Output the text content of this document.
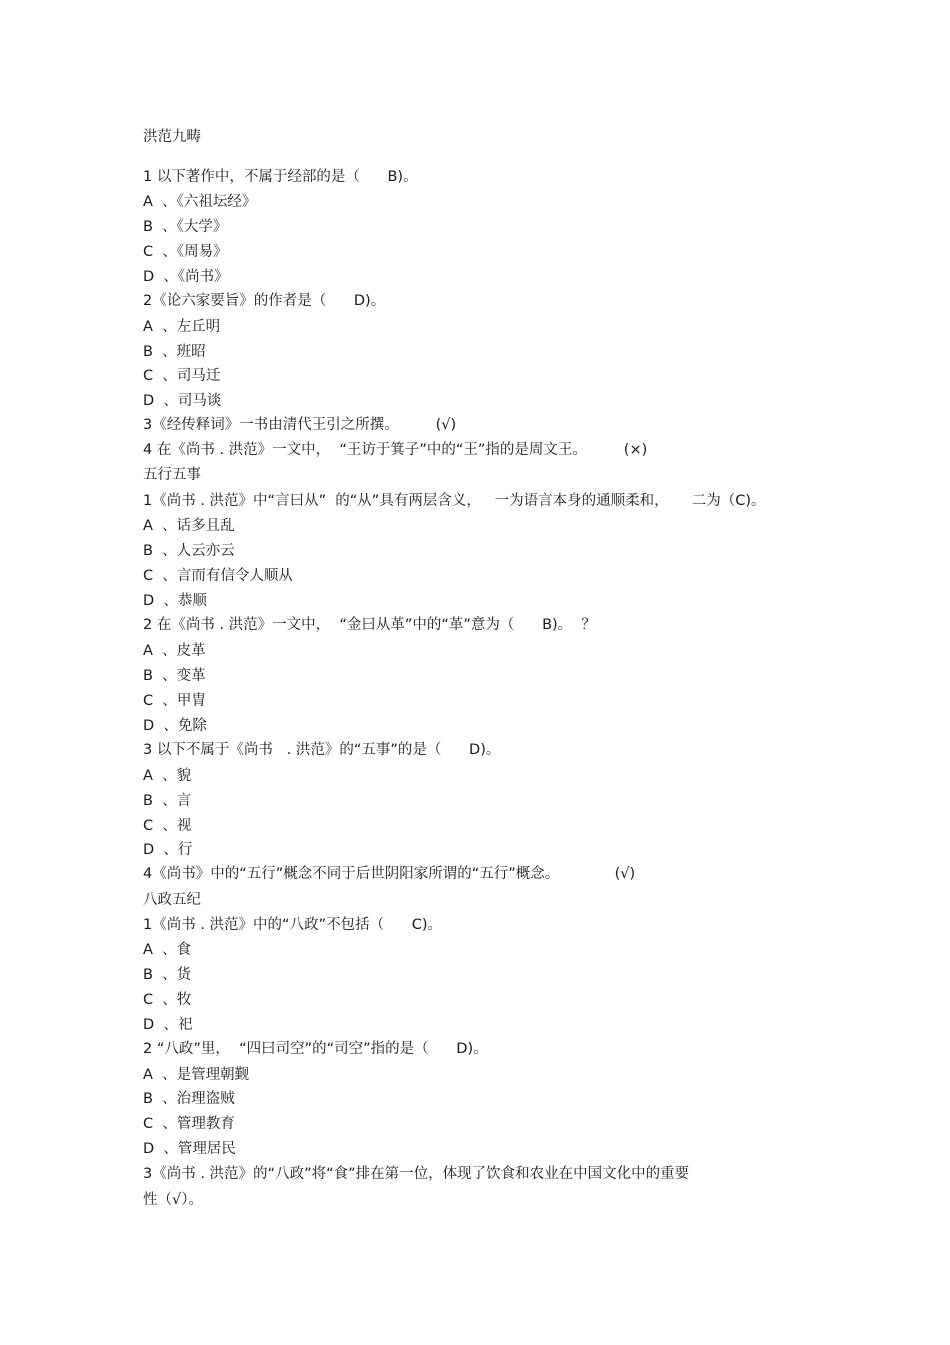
洪范九畴
1 以下著作中，不属于经部的是（      B)。
A  、《六祖坛经》
B  、《大学》
C  、《周易》
D  、《尚书》
2《论六家要旨》的作者是（      D)。
A  、左丘明
B  、班昭
C  、司马迁
D  、司马谈
3《经传释词》一书由清代王引之所撰。        (√)
4 在《尚书 . 洪范》一文中，  “王访于箕子”中的“王”指的是周文王。        (×)
五行五事
1《尚书 . 洪范》中“言曰从”  的“从”具有两层含义，   一为语言本身的通顺柔和，     二为（C)。
A  、话多且乱
B  、人云亦云
C  、言而有信令人顺从
D  、恭顺
2 在《尚书 . 洪范》一文中，  “金曰从革”中的“革”意为（      B)。  ？
A  、皮革
B  、变革
C  、甲胄
D  、免除
3 以下不属于《尚书   . 洪范》的“五事”的是（      D)。
A  、貌
B  、言
C  、视
D  、行
4《尚书》中的“五行”概念不同于后世阴阳家所谓的“五行”概念。            (√)
八政五纪
1《尚书 . 洪范》中的“八政”不包括（      C)。
A  、食
B  、货
C  、牧
D  、祀
2 “八政”里，  “四曰司空”的“司空”指的是（      D)。
A  、是管理朝觐
B  、治理盗贼
C  、管理教育
D  、管理居民
3《尚书 . 洪范》的“八政”将“食”排在第一位，体现了饮食和农业在中国文化中的重要
性（√）。
